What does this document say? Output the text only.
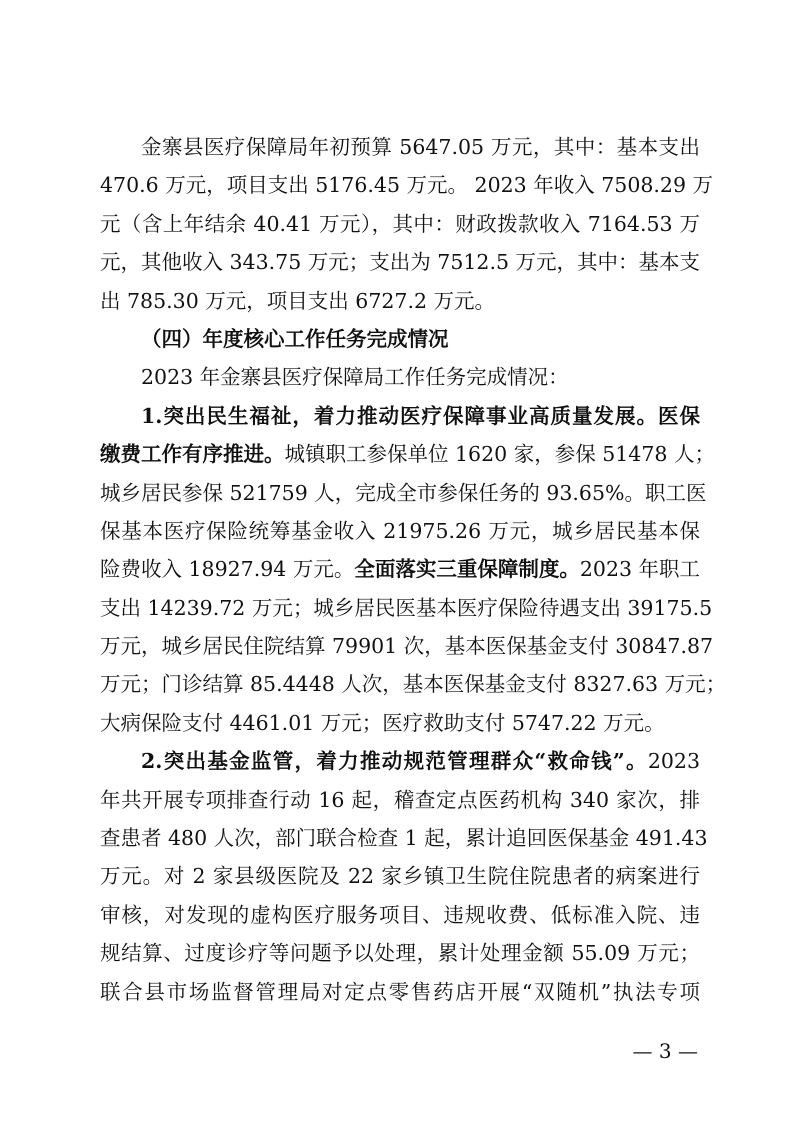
金寨县医疗保障局年初预算 5647.05 万元，其中：基本支出
470.6 万元，项目支出 5176.45 万元。 2023 年收入 7508.29 万
元（含上年结余 40.41 万元），其中：财政拨款收入 7164.53 万
元，其他收入 343.75 万元；支出为 7512.5 万元，其中：基本支
出 785.30 万元，项目支出 6727.2 万元。
（四）年度核心工作任务完成情况
2023 年金寨县医疗保障局工作任务完成情况：
1.突出民生福祉，着力推动医疗保障事业高质量发展。医保
缴费工作有序推进。城镇职工参保单位 1620 家，参保 51478 人；
城乡居民参保 521759 人，完成全市参保任务的 93.65%。职工医
保基本医疗保险统筹基金收入 21975.26 万元，城乡居民基本保
险费收入 18927.94 万元。全面落实三重保障制度。2023 年职工
支出 14239.72 万元；城乡居民医基本医疗保险待遇支出 39175.5
万元，城乡居民住院结算 79901 次，基本医保基金支付 30847.87
万元；门诊结算 85.4448 人次，基本医保基金支付 8327.63 万元；
大病保险支付 4461.01 万元；医疗救助支付 5747.22 万元。
2.突出基金监管，着力推动规范管理群众“救命钱”。2023
年共开展专项排查行动 16 起，稽查定点医药机构 340 家次，排
查患者 480 人次，部门联合检查 1 起，累计追回医保基金 491.43
万元。对 2 家县级医院及 22 家乡镇卫生院住院患者的病案进行
审核，对发现的虚构医疗服务项目、违规收费、低标准入院、违
规结算、过度诊疗等问题予以处理，累计处理金额 55.09 万元；
联合县市场监督管理局对定点零售药店开展“双随机”执法专项
— 3 —
